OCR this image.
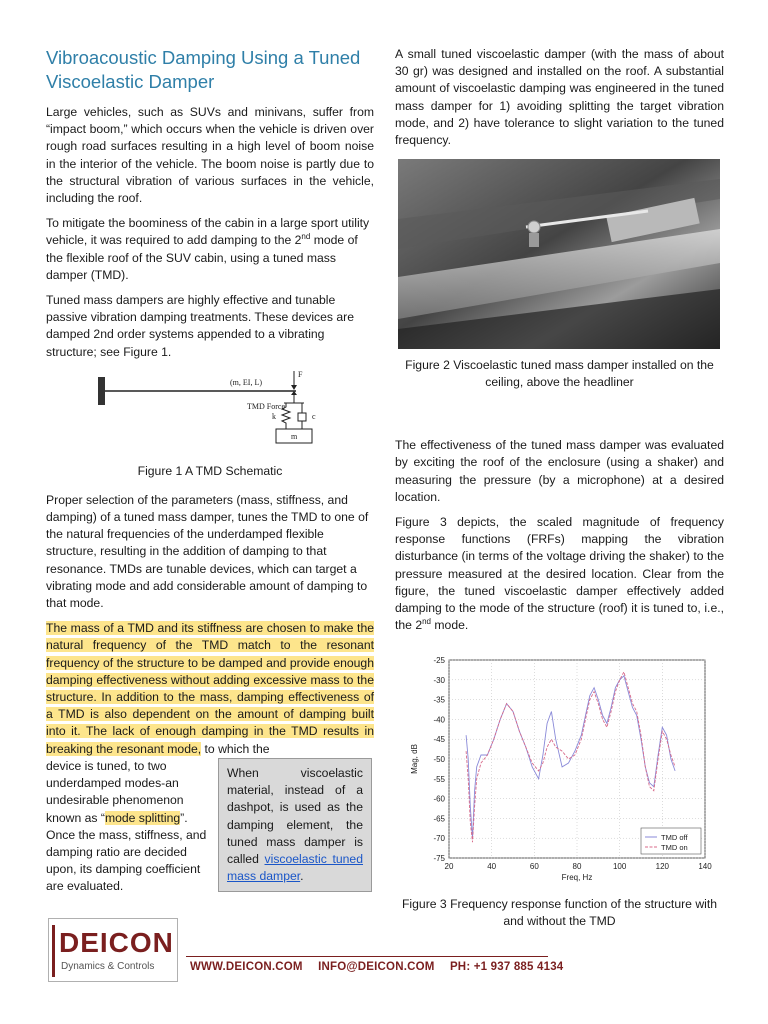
Vibroacoustic Damping Using a Tuned Viscoelastic Damper

Large vehicles, such as SUVs and minivans, suffer from “impact boom,” which occurs when the vehicle is driven over rough road surfaces resulting in a high level of boom noise in the interior of the vehicle. The boom noise is partly due to the structural vibration of various surfaces in the vehicle, including the roof.

To mitigate the boominess of the cabin in a large sport utility vehicle, it was required to add damping to the 2nd mode of the flexible roof of the SUV cabin, using a tuned mass damper (TMD).

Tuned mass dampers are highly effective and tunable passive vibration damping treatments. These devices are damped 2nd order systems appended to a vibrating structure; see Figure 1.

(m, EI, L)
F
TMD Force
k	c
m

Figure 1 A TMD Schematic

Proper selection of the parameters (mass, stiffness, and damping) of a tuned mass damper, tunes the TMD to one of the natural frequencies of the underdamped flexible structure, resulting in the addition of damping to that resonance. TMDs are tunable devices, which can target a vibrating mode and add considerable amount of damping to that mode.

The mass of a TMD and its stiffness are chosen to make the natural frequency of the TMD match to the resonant frequency of the structure to be damped and provide enough damping effectiveness without adding excessive mass to the structure. In addition to the mass, damping effectiveness of a TMD is also dependent on the amount of damping built into it. The lack of enough damping in the TMD results in breaking the resonant mode, to which the

device is tuned, to two underdamped modes-an undesirable phenomenon known as “mode splitting”. Once the mass, stiffness, and damping ratio are decided upon, its damping coefficient are evaluated.

When viscoelastic material, instead of a dashpot, is used as the damping element, the tuned mass damper is called viscoelastic tuned mass damper.

A small tuned viscoelastic damper (with the mass of about 30 gr) was designed and installed on the roof. A substantial amount of viscoelastic damping was engineered in the tuned mass damper for 1) avoiding splitting the target vibration mode, and 2) have tolerance to slight variation to the tuned frequency.

Figure 2 Viscoelastic tuned mass damper installed on the ceiling, above the headliner

The effectiveness of the tuned mass damper was evaluated by exciting the roof of the enclosure (using a shaker) and measuring the pressure (by a microphone) at a desired location.

Figure 3 depicts, the scaled magnitude of frequency response functions (FRFs) mapping the vibration disturbance (in terms of the voltage driving the shaker) to the pressure measured at the desired location. Clear from the figure, the tuned viscoelastic damper effectively added damping to the mode of the structure (roof) it is tuned to, i.e., the 2nd mode.

20	40	60	80	100	120	140
-25
-30
-35
-40
-45
-50
-55
-60
-65
-70
-75
Freq, Hz
Mag, dB
TMD off
TMD on

Figure 3 Frequency response function of the structure with and without the TMD

DEICON
Dynamics & Controls	WWW.DEICON.COM INFO@DEICON.COM PH: +1 937 885 4134
